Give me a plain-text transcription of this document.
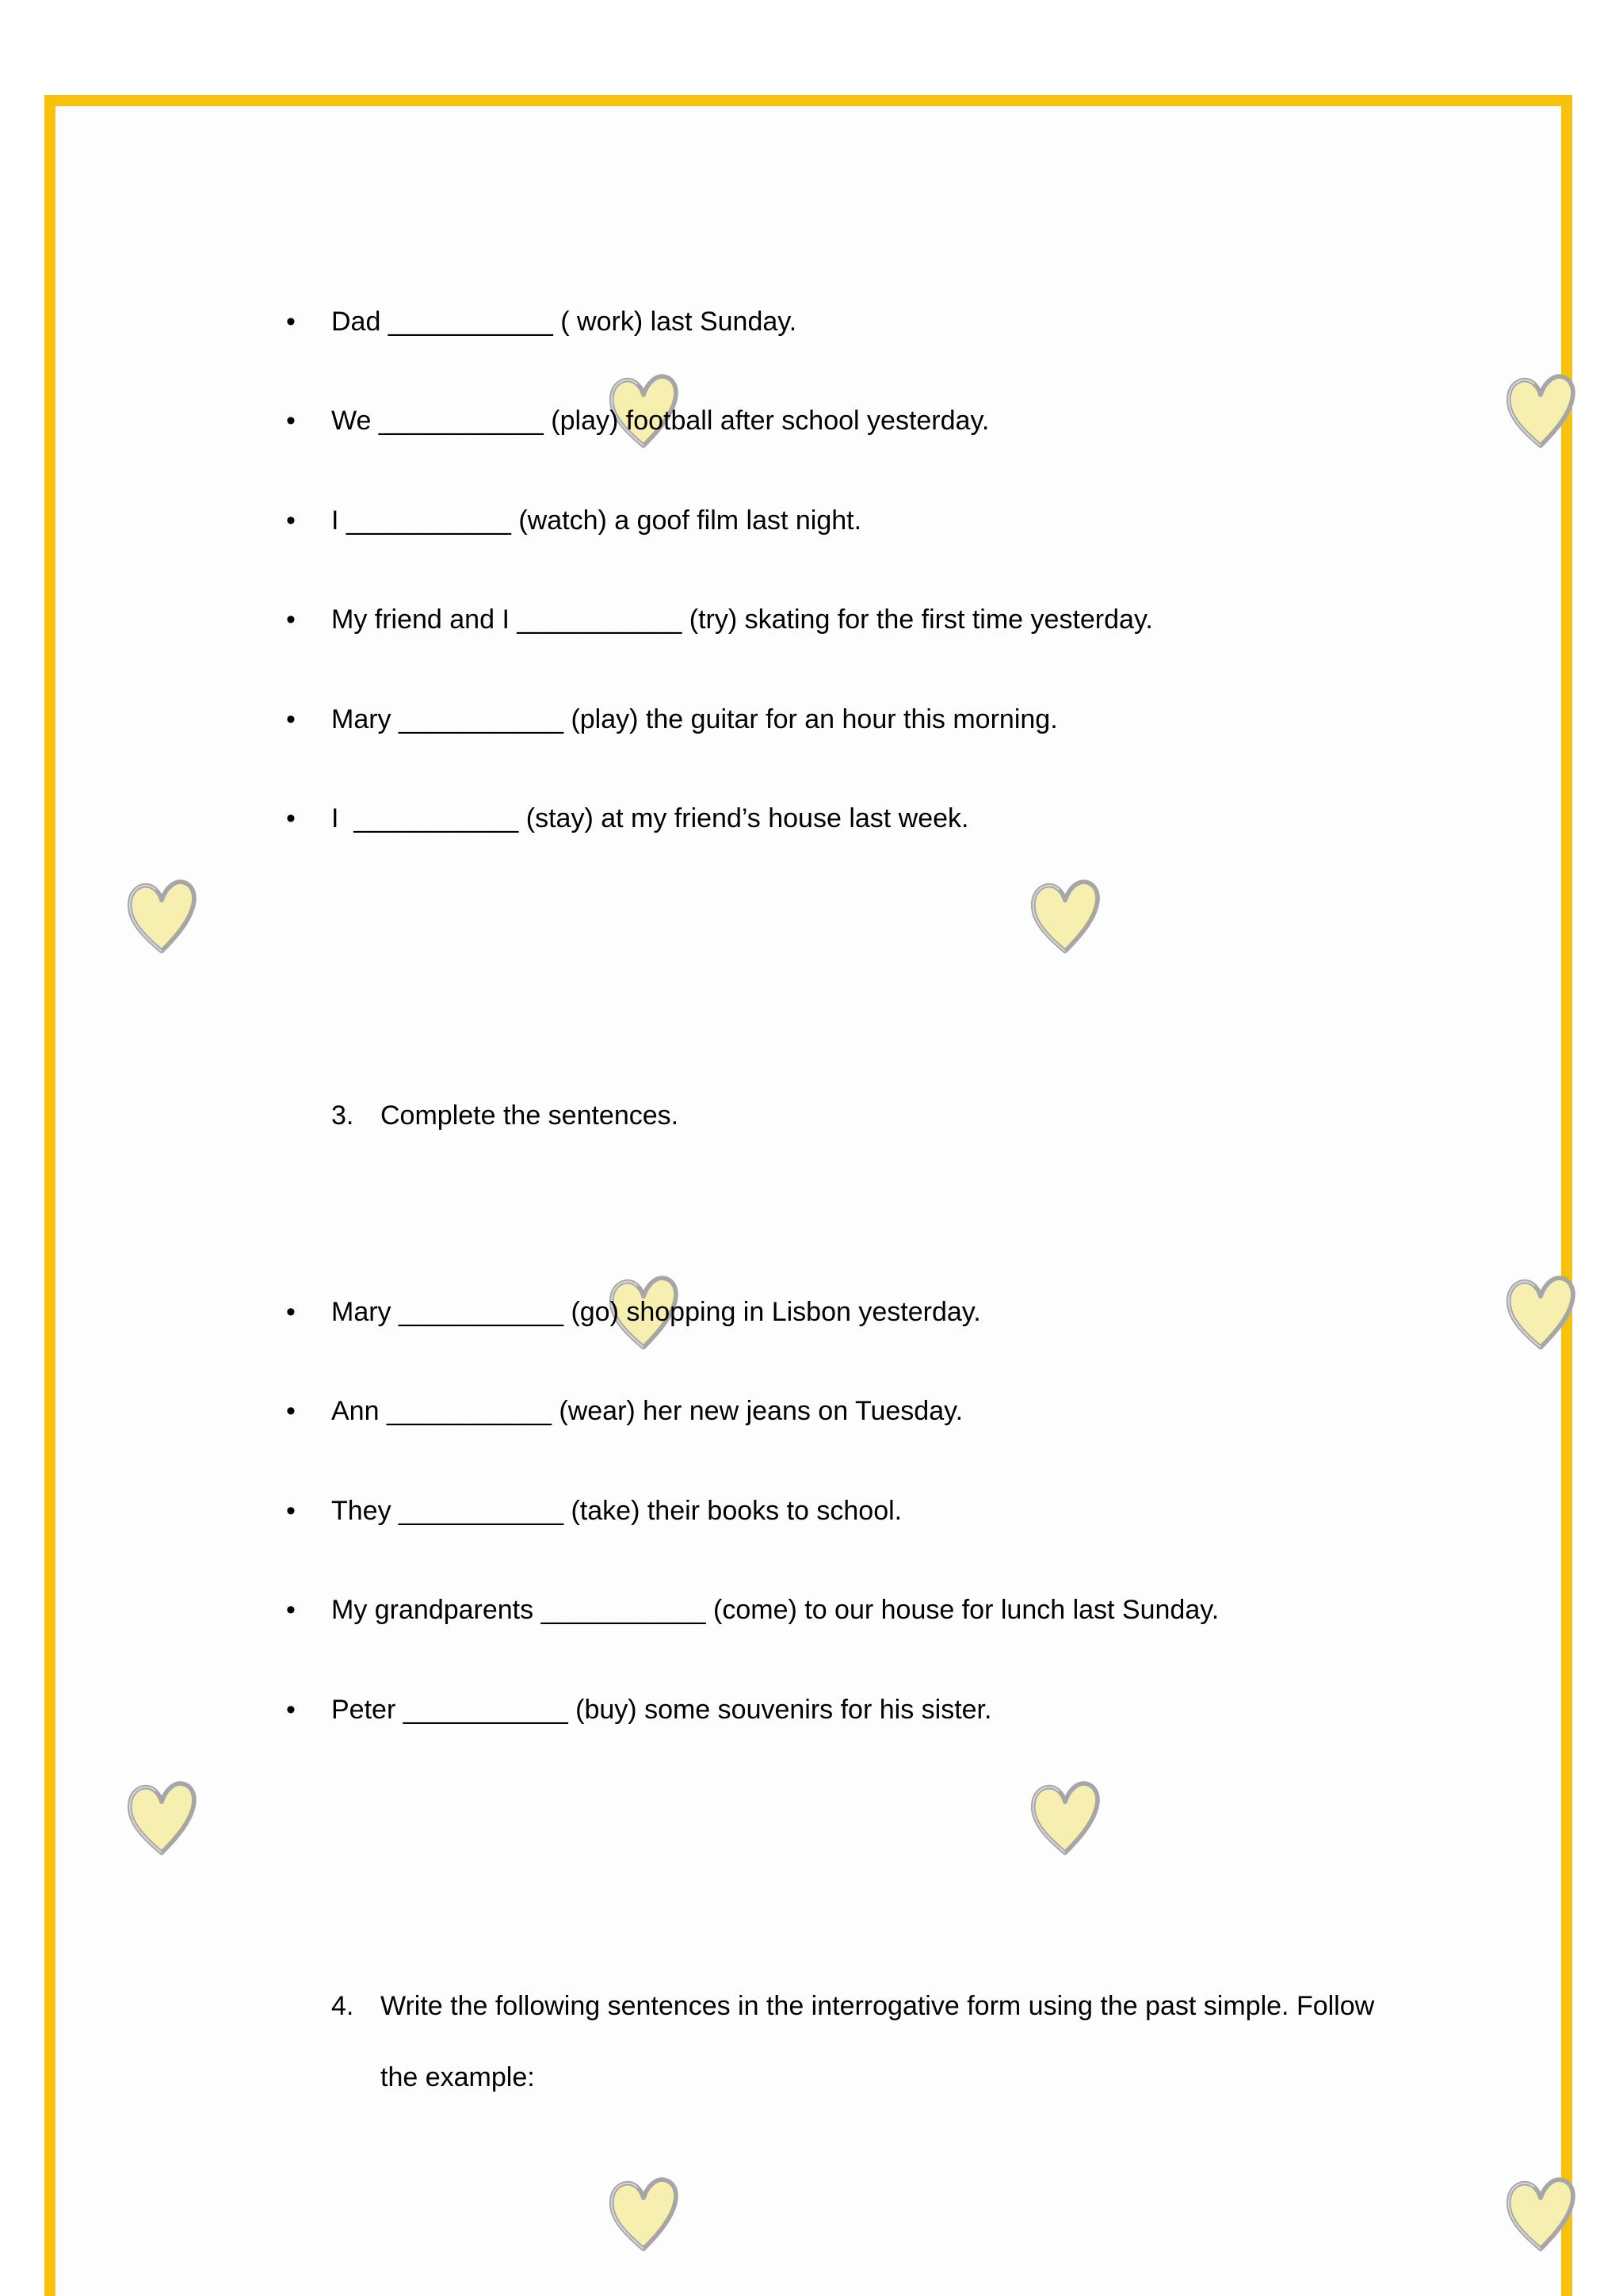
•

Dad ___________ ( work) last Sunday.

•

We ___________ (play) football after school yesterday.

•

I ___________ (watch) a goof film last night.

•

My friend and I ___________ (try) skating for the first time yesterday.

•

Mary ___________ (play) the guitar for an hour this morning.

•

I  ___________ (stay) at my friend’s house last week.

3.

Complete the sentences.

•

Mary ___________ (go) shopping in Lisbon yesterday.

•

Ann ___________ (wear) her new jeans on Tuesday.

•

They ___________ (take) their books to school.

•

My grandparents ___________ (come) to our house for lunch last Sunday.

•

Peter ___________ (buy) some souvenirs for his sister.

4.

Write the following sentences in the interrogative form using the past simple. Follow

the example:
